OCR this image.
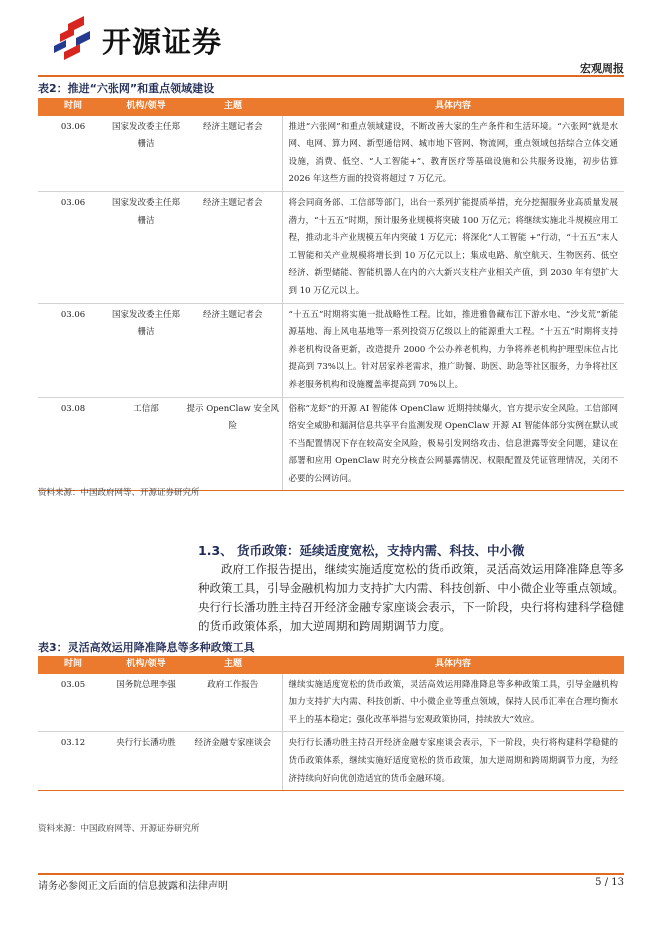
开源证券
宏观周报
表2：推进“六张网”和重点领域建设
时间	机构/领导	主题	具体内容
03.06	国家发改委主任郑栅洁	经济主题记者会	推进“六张网”和重点领域建设，不断改善大家的生产条件和生活环境。“六张网”就是水网、电网、算力网、新型通信网、城市地下管网、物流网，重点领域包括综合立体交通设施，消费、低空、“人工智能+”、教育医疗等基础设施和公共服务设施，初步估算 2026 年这些方面的投资将超过 7 万亿元。
03.06	国家发改委主任郑栅洁	经济主题记者会	将会同商务部、工信部等部门，出台一系列扩能提质举措，充分挖掘服务业高质量发展潜力，“十五五”时期，预计服务业规模将突破 100 万亿元；将继续实施北斗规模应用工程，推动北斗产业规模五年内突破 1 万亿元；将深化“人工智能 +”行动，“十五五”末人工智能和关产业规模将增长到 10 万亿元以上；集成电路、航空航天、生物医药、低空经济、新型储能、智能机器人在内的六大新兴支柱产业相关产值，到 2030 年有望扩大到 10 万亿元以上。
03.06	国家发改委主任郑栅洁	经济主题记者会	“十五五”时期将实施一批战略性工程。比如，推进雅鲁藏布江下游水电、“沙戈荒”新能源基地、海上风电基地等一系列投资万亿级以上的能源重大工程。“十五五”时期将支持养老机构设备更新，改造提升 2000 个公办养老机构，力争将养老机构护理型床位占比提高到 73%以上。针对居家养老需求，推广助餐、助医、助急等社区服务，力争将社区养老服务机构和设施覆盖率提高到 70%以上。
03.08	工信部	提示 OpenClaw 安全风险	俗称“龙虾”的开源 AI 智能体 OpenClaw 近期持续爆火，官方提示安全风险。工信部网络安全威胁和漏洞信息共享平台监测发现 OpenClaw 开源 AI 智能体部分实例在默认或不当配置情况下存在较高安全风险，极易引发网络攻击、信息泄露等安全问题，建议在部署和应用 OpenClaw 时充分核查公网暴露情况、权限配置及凭证管理情况，关闭不必要的公网访问。
资料来源：中国政府网等、开源证券研究所
1.3、 货币政策：延续适度宽松，支持内需、科技、中小微
政府工作报告提出，继续实施适度宽松的货币政策，灵活高效运用降准降息等多种政策工具，引导金融机构加力支持扩大内需、科技创新、中小微企业等重点领域。央行行长潘功胜主持召开经济金融专家座谈会表示，下一阶段，央行将构建科学稳健的货币政策体系，加大逆周期和跨周期调节力度。
表3：灵活高效运用降准降息等多种政策工具
时间	机构/领导	主题	具体内容
03.05	国务院总理李强	政府工作报告	继续实施适度宽松的货币政策，灵活高效运用降准降息等多种政策工具，引导金融机构加力支持扩大内需、科技创新、中小微企业等重点领域，保持人民币汇率在合理均衡水平上的基本稳定；强化改革举措与宏观政策协同，持续放大“效应。
03.12	央行行长潘功胜	经济金融专家座谈会	央行行长潘功胜主持召开经济金融专家座谈会表示，下一阶段，央行将构建科学稳健的货币政策体系，继续实施好适度宽松的货币政策，加大逆周期和跨周期调节力度，为经济持续向好向优创造适宜的货币金融环境。
资料来源：中国政府网等、开源证券研究所
请务必参阅正文后面的信息披露和法律声明	5 / 13
